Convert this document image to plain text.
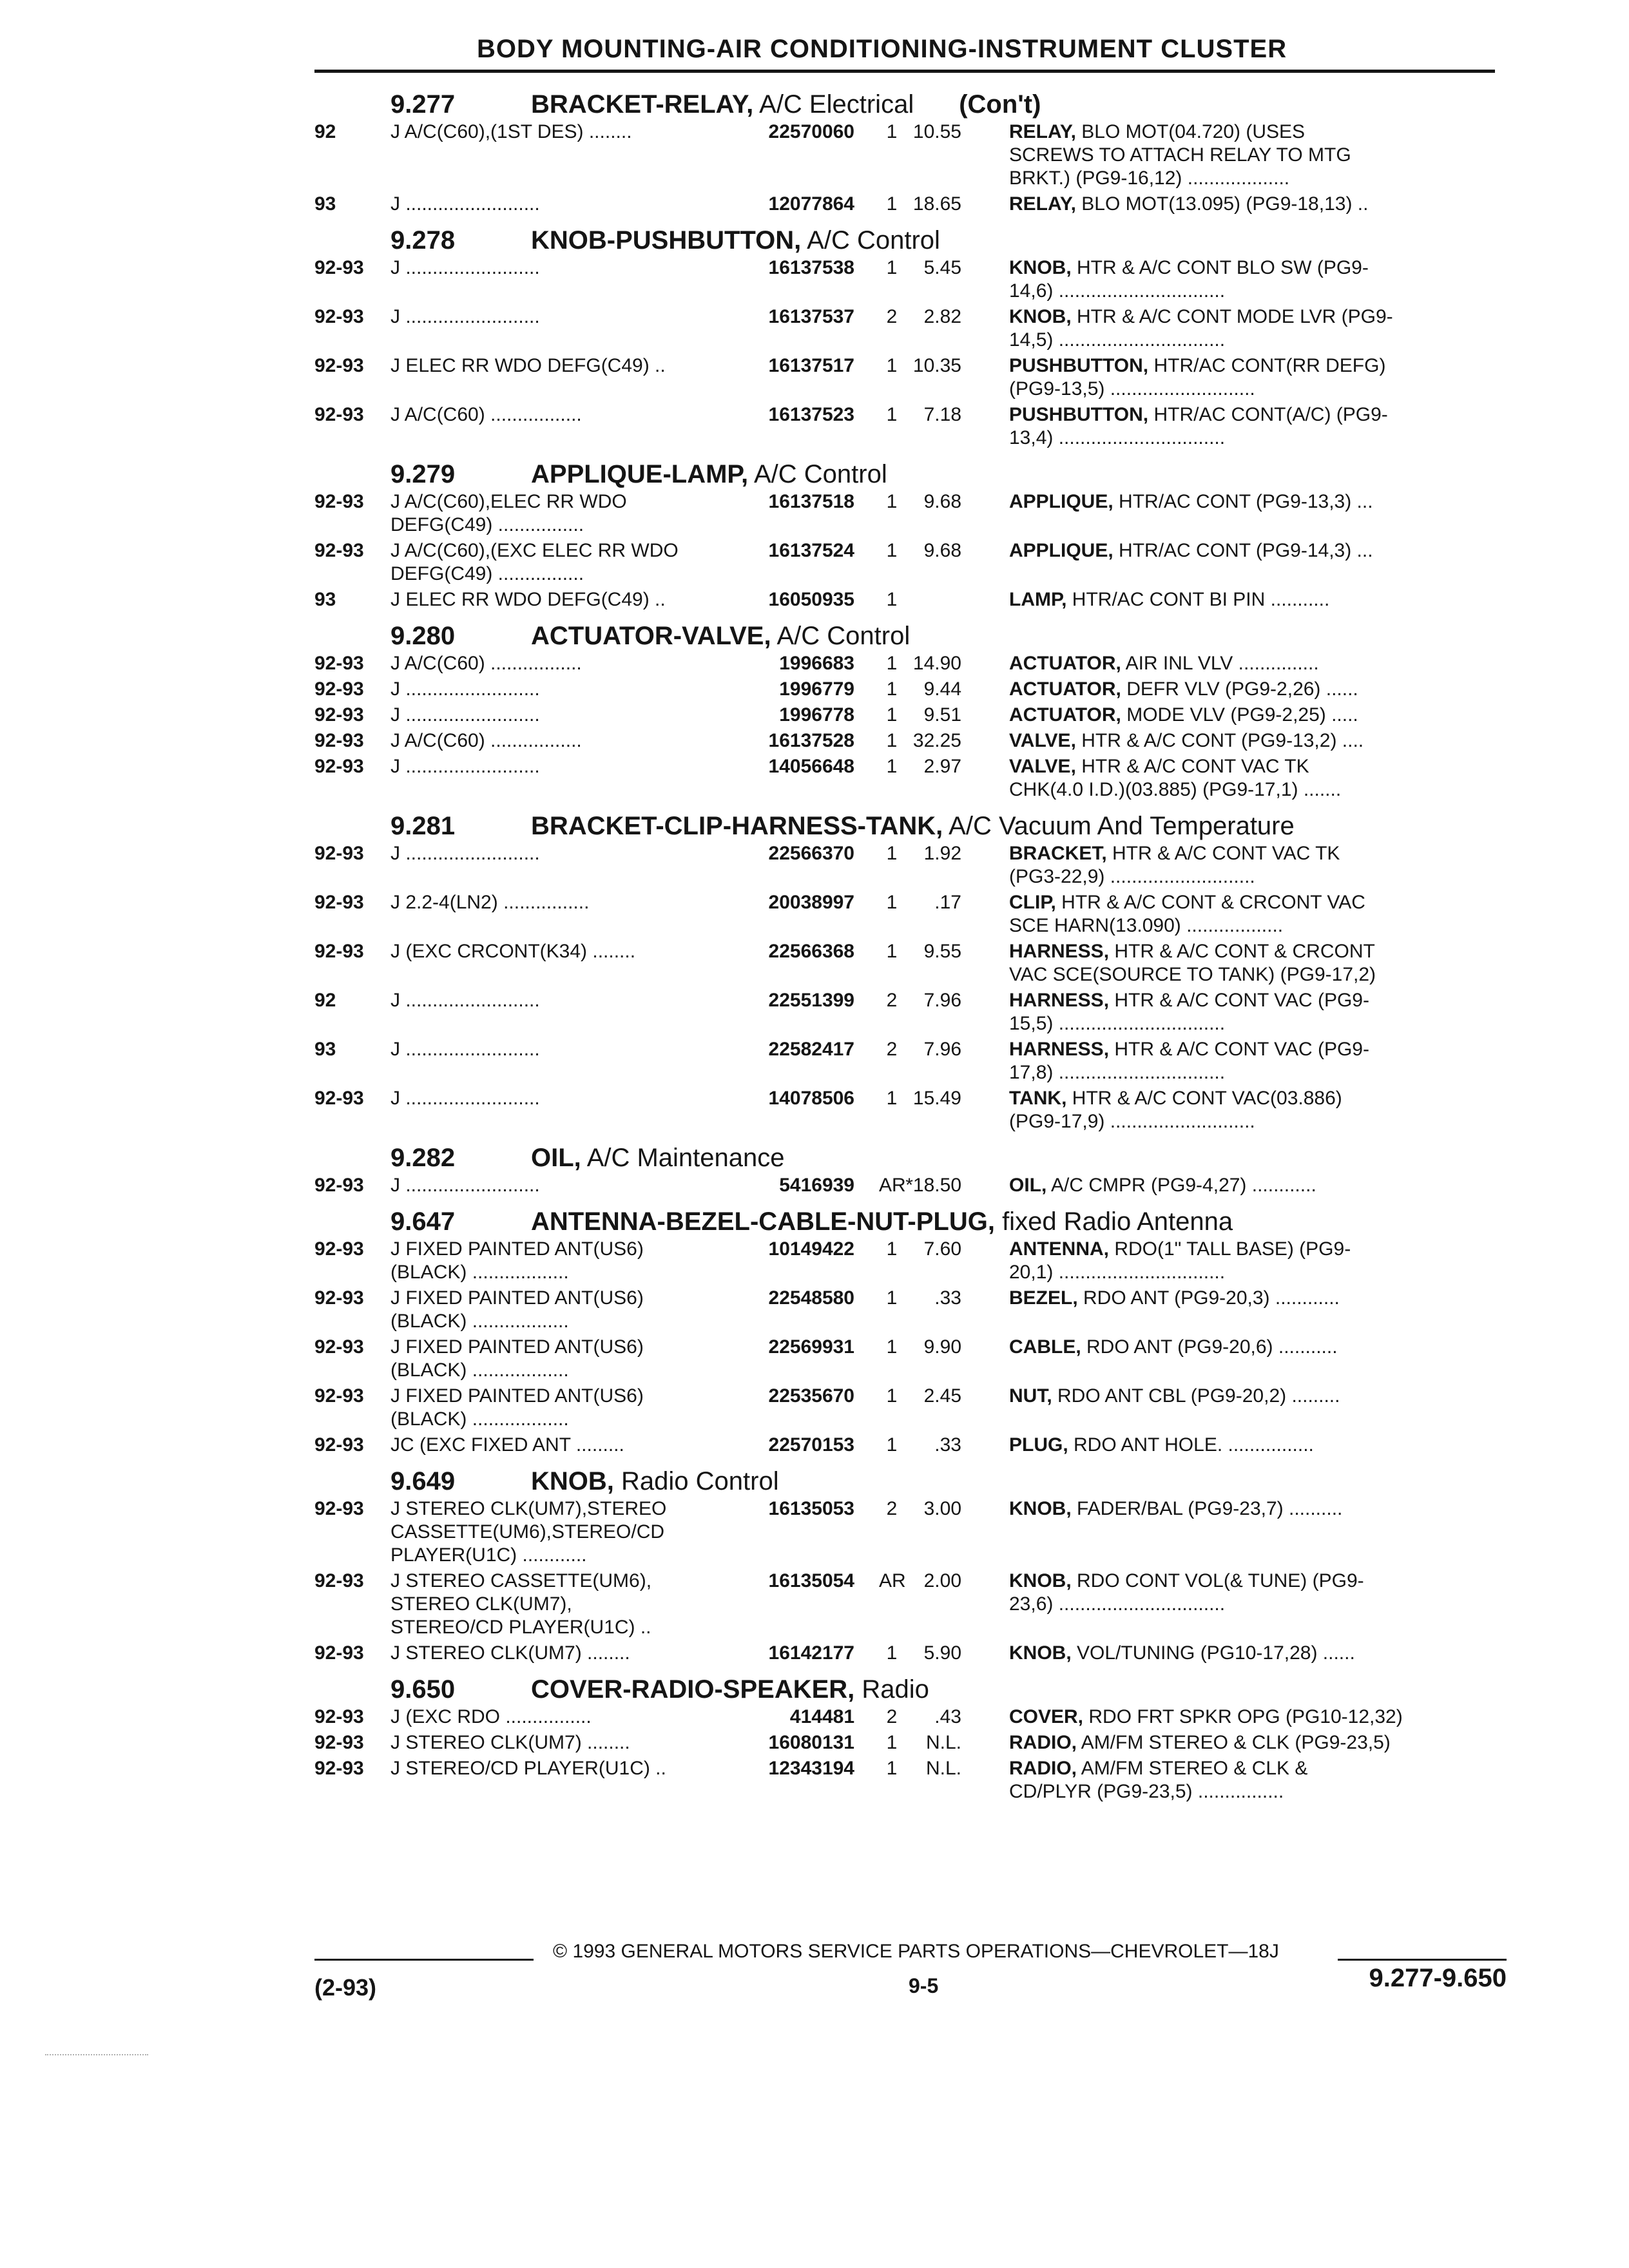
BODY MOUNTING-AIR CONDITIONING-INSTRUMENT CLUSTER
9.277	BRACKET-RELAY, A/C Electrical (Con't)
92	J A/C(C60),(1ST DES) ........	22570060	1 10.55 RELAY, BLO MOT(04.720) (USES
SCREWS TO ATTACH RELAY TO MTG
BRKT.) (PG9-16,12) ...................
93	J .........................	12077864	1 18.65 RELAY, BLO MOT(13.095) (PG9-18,13) ..
9.278	KNOB-PUSHBUTTON, A/C Control
92-93	J .........................	16137538	1	5.45 KNOB, HTR & A/C CONT BLO SW (PG9-
14,6) ...............................
92-93	J .........................	16137537	2	2.82 KNOB, HTR & A/C CONT MODE LVR (PG9-
14,5) ...............................
92-93	J ELEC RR WDO DEFG(C49) ..	16137517	1 10.35 PUSHBUTTON, HTR/AC CONT(RR DEFG)
(PG9-13,5) ...........................
92-93	J A/C(C60) .................	16137523	1	7.18 PUSHBUTTON, HTR/AC CONT(A/C) (PG9-
13,4) ...............................
9.279	APPLIQUE-LAMP, A/C Control
92-93	J A/C(C60),ELEC RR WDO
DEFG(C49) ................
16137518	1	9.68 APPLIQUE, HTR/AC CONT (PG9-13,3) ...
92-93	J A/C(C60),(EXC ELEC RR WDO
DEFG(C49) ................
16137524	1	9.68 APPLIQUE, HTR/AC CONT (PG9-14,3) ...
93	J ELEC RR WDO DEFG(C49) ..	16050935	1	LAMP, HTR/AC CONT BI PIN ...........
9.280	ACTUATOR-VALVE, A/C Control
92-93	J A/C(C60) .................	1996683	1 14.90 ACTUATOR, AIR INL VLV ...............
92-93	J .........................	1996779	1	9.44 ACTUATOR, DEFR VLV (PG9-2,26) ......
92-93	J .........................	1996778	1	9.51 ACTUATOR, MODE VLV (PG9-2,25) .....
92-93	J A/C(C60) .................	16137528	1 32.25 VALVE, HTR & A/C CONT (PG9-13,2) ....
92-93	J .........................	14056648	1	2.97 VALVE, HTR & A/C CONT VAC TK
CHK(4.0 I.D.)(03.885) (PG9-17,1) .......
9.281	BRACKET-CLIP-HARNESS-TANK, A/C Vacuum And Temperature
92-93	J .........................	22566370	1	1.92 BRACKET, HTR & A/C CONT VAC TK
(PG3-22,9) ...........................
92-93	J 2.2-4(LN2) ................	20038997	1	.17 CLIP, HTR & A/C CONT & CRCONT VAC
SCE HARN(13.090) ..................
92-93	J (EXC CRCONT(K34) ........	22566368	1	9.55 HARNESS, HTR & A/C CONT & CRCONT
VAC SCE(SOURCE TO TANK) (PG9-17,2)
92	J .........................	22551399	2	7.96 HARNESS, HTR & A/C CONT VAC (PG9-
15,5) ...............................
93	J .........................	22582417	2	7.96 HARNESS, HTR & A/C CONT VAC (PG9-
17,8) ...............................
92-93	J .........................	14078506	1 15.49 TANK, HTR & A/C CONT VAC(03.886)
(PG9-17,9) ...........................
9.282	OIL, A/C Maintenance
92-93	J .........................	5416939	AR *18.50 OIL, A/C CMPR (PG9-4,27) ............
9.647	ANTENNA-BEZEL-CABLE-NUT-PLUG, fixed Radio Antenna
92-93	J FIXED PAINTED ANT(US6)
(BLACK) ..................
10149422	1	7.60 ANTENNA, RDO(1" TALL BASE) (PG9-
20,1) ...............................
92-93	J FIXED PAINTED ANT(US6)
(BLACK) ..................
22548580	1	.33 BEZEL, RDO ANT (PG9-20,3) ............
92-93	J FIXED PAINTED ANT(US6)
(BLACK) ..................
22569931	1	9.90 CABLE, RDO ANT (PG9-20,6) ...........
92-93	J FIXED PAINTED ANT(US6)
(BLACK) ..................
22535670	1	2.45 NUT, RDO ANT CBL (PG9-20,2) .........
92-93	JC (EXC FIXED ANT .........	22570153	1	.33 PLUG, RDO ANT HOLE. ................
9.649	KNOB, Radio Control
92-93	J STEREO CLK(UM7),STEREO
CASSETTE(UM6),STEREO/CD
PLAYER(U1C) ............
16135053	2	3.00 KNOB, FADER/BAL (PG9-23,7) ..........
92-93	J STEREO CASSETTE(UM6),
STEREO CLK(UM7),
STEREO/CD PLAYER(U1C) ..
16135054	AR 2.00 KNOB, RDO CONT VOL(& TUNE) (PG9-
23,6) ...............................
92-93	J STEREO CLK(UM7) ........	16142177	1	5.90 KNOB, VOL/TUNING (PG10-17,28) ......
9.650	COVER-RADIO-SPEAKER, Radio
92-93	J (EXC RDO ................	414481	2	.43 COVER, RDO FRT SPKR OPG (PG10-12,32)
92-93	J STEREO CLK(UM7) ........	16080131	1	N.L. RADIO, AM/FM STEREO & CLK (PG9-23,5)
92-93	J STEREO/CD PLAYER(U1C) ..	12343194	1	N.L. RADIO, AM/FM STEREO & CLK &
CD/PLYR (PG9-23,5) ................
© 1993 GENERAL MOTORS SERVICE PARTS OPERATIONS—CHEVROLET—18J
(2-93)	9-5	9.277-9.650
